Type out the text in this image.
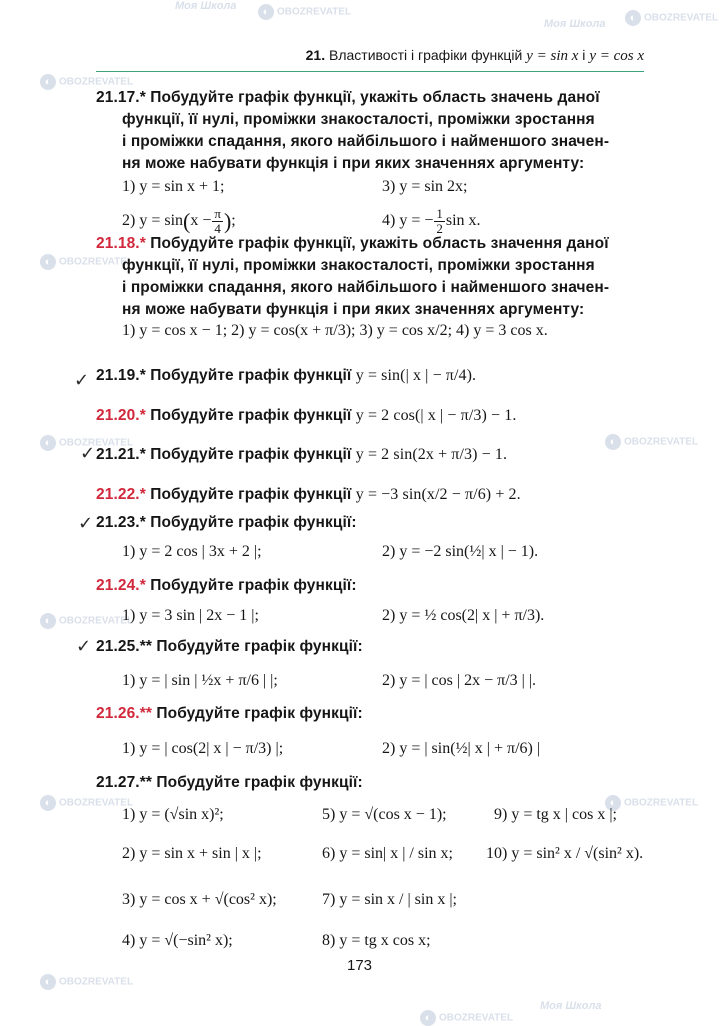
Моя Школа	◐ OBOZREVATEL
Моя Школа	◐ OBOZREVATEL
◐ OBOZREVATEL
◐ OBOZREVATEL
◐ OBOZREVATEL
◐ OBOZREVATEL
◐ OBOZREVATEL
◐ OBOZREVATEL
◐ OBOZREVATEL
◐ OBOZREVATEL
◐ OBOZREVATEL
Моя Школа
21. Властивості і графіки функцій y = sin x і y = cos x
21.17.* Побудуйте графік функції, укажіть область значень даної
функції, її нулі, проміжки знакосталості, проміжки зростання
і проміжки спадання, якого найбільшого і найменшого значен-
ня може набувати функція і при яких значеннях аргументу:
1) y = sin x + 1;	3) y = sin 2x;
2) $y = \sin(x - \frac{\pi}{4}$ );	4) y = − $\frac{1}{2}$ sin x.
21.18.* Побудуйте графік функції, укажіть область значення даної
функції, її нулі, проміжки знакосталості, проміжки зростання
і проміжки спадання, якого найбільшого і найменшого значен-
ня може набувати функція і при яких значеннях аргументу:
1) y = cos x − 1; 2) y = cos(x + π/3); 3) y = cos x/2; 4) y = 3 cos x.
✓ 21.19.* Побудуйте графік функції y = sin(| x | − π/4).
21.20.* Побудуйте графік функції y = 2 cos(| x | − π/3) − 1.
✓ 21.21.* Побудуйте графік функції y = 2 sin(2x + π/3) − 1.
21.22.* Побудуйте графік функції y = −3 sin(x/2 − π/6) + 2.
✓ 21.23.* Побудуйте графік функції:
1) y = 2 cos | 3x + 2 |;	2) y = −2 sin(½| x | − 1).
21.24.* Побудуйте графік функції:
1) y = 3 sin | 2x − 1 |;	2) y = ½ cos(2| x | + π/3).
✓ 21.25.** Побудуйте графік функції:
1) y = | sin | ½x + π/6 | |;	2) y = | cos | 2x − π/3 | |.
21.26.** Побудуйте графік функції:
1) y = | cos(2| x | − π/3) |;	2) y = | sin(½| x | + π/6) |
21.27.** Побудуйте графік функції:
1) y = (√sin x)²;	5) y = √(cos x − 1);	9) y = tg x | cos x |;
2) y = sin x + sin | x |;	6) y = sin| x | / sin x; 10) y = sin² x / √(sin² x).
3) y = cos x + √(cos² x);	7) y = sin x / | sin x |;
4) y = √(−sin² x);	8) y = tg x cos x;
173
